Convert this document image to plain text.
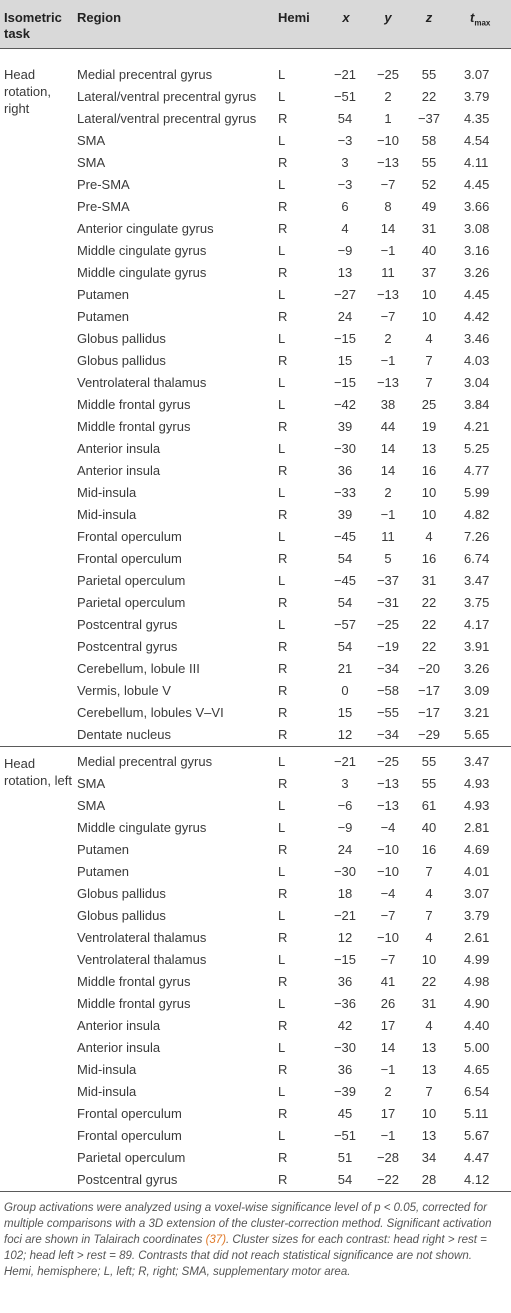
Isometric task
Region	Hemi	x	y	z	$t_{max}$
Head rotation, right
Medial precentral gyrus	L	−21	−25	55	3.07
Lateral/ventral precentral gyrus L	−51	2	22	3.79
Lateral/ventral precentral gyrus R	54	1	−37	4.35
SMA	L	−3	−10	58	4.54
SMA	R	3	−13	55	4.11
Pre-SMA	L	−3	−7	52	4.45
Pre-SMA	R	6	8	49	3.66
Anterior cingulate gyrus	R	4	14	31	3.08
Middle cingulate gyrus	L	−9	−1	40	3.16
Middle cingulate gyrus	R	13	11	37	3.26
Putamen	L	−27	−13	10	4.45
Putamen	R	24	−7	10	4.42
Globus pallidus	L	−15	2	4	3.46
Globus pallidus	R	15	−1	7	4.03
Ventrolateral thalamus	L	−15	−13	7	3.04
Middle frontal gyrus	L	−42	38	25	3.84
Middle frontal gyrus	R	39	44	19	4.21
Anterior insula	L	−30	14	13	5.25
Anterior insula	R	36	14	16	4.77
Mid-insula	L	−33	2	10	5.99
Mid-insula	R	39	−1	10	4.82
Frontal operculum	L	−45	11	4	7.26
Frontal operculum	R	54	5	16	6.74
Parietal operculum	L	−45	−37	31	3.47
Parietal operculum	R	54	−31	22	3.75
Postcentral gyrus	L	−57	−25	22	4.17
Postcentral gyrus	R	54	−19	22	3.91
Cerebellum, lobule III	R	21	−34	−20	3.26
Vermis, lobule V	R	0	−58	−17	3.09
Cerebellum, lobules V–VI	R	15	−55	−17	3.21
Dentate nucleus	R	12	−34	−29	5.65
Head rotation, left
Medial precentral gyrus	L	−21	−25	55	3.47
SMA	R	3	−13	55	4.93
SMA	L	−6	−13	61	4.93
Middle cingulate gyrus	L	−9	−4	40	2.81
Putamen	R	24	−10	16	4.69
Putamen	L	−30	−10	7	4.01
Globus pallidus	R	18	−4	4	3.07
Globus pallidus	L	−21	−7	7	3.79
Ventrolateral thalamus	R	12	−10	4	2.61
Ventrolateral thalamus	L	−15	−7	10	4.99
Middle frontal gyrus	R	36	41	22	4.98
Middle frontal gyrus	L	−36	26	31	4.90
Anterior insula	R	42	17	4	4.40
Anterior insula	L	−30	14	13	5.00
Mid-insula	R	36	−1	13	4.65
Mid-insula	L	−39	2	7	6.54
Frontal operculum	R	45	17	10	5.11
Frontal operculum	L	−51	−1	13	5.67
Parietal operculum	R	51	−28	34	4.47
Postcentral gyrus	R	54	−22	28	4.12

Group activations were analyzed using a voxel-wise significance level of p < 0.05, corrected for multiple comparisons with a 3D extension of the cluster-correction method. Significant activation foci are shown in Talairach coordinates (37). Cluster sizes for each contrast: head right > rest = 102; head left > rest = 89. Contrasts that did not reach statistical significance are not shown.

Hemi, hemisphere; L, left; R, right; SMA, supplementary motor area.
